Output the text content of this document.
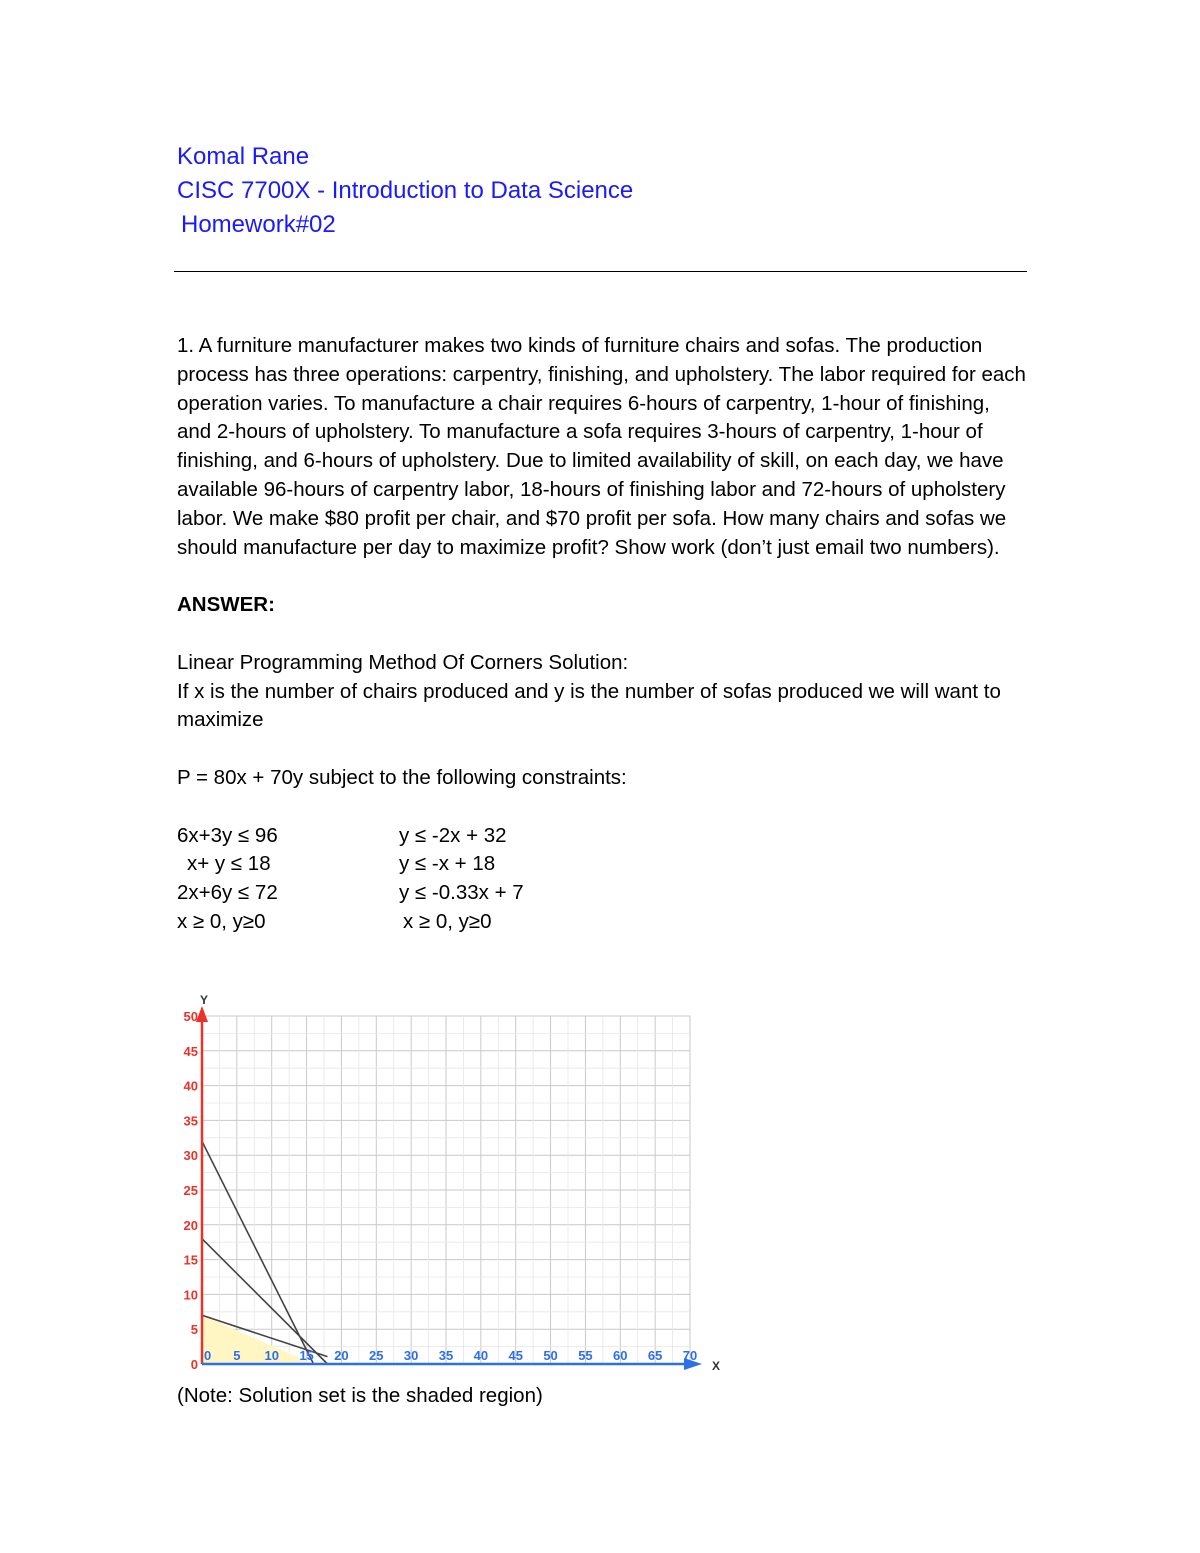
Komal Rane
CISC 7700X - Introduction to Data Science
Homework#02

1. A furniture manufacturer makes two kinds of furniture chairs and sofas. The production process has three operations: carpentry, finishing, and upholstery. The labor required for each operation varies. To manufacture a chair requires 6-hours of carpentry, 1-hour of finishing, and 2-hours of upholstery. To manufacture a sofa requires 3-hours of carpentry, 1-hour of finishing, and 6-hours of upholstery. Due to limited availability of skill, on each day, we have available 96-hours of carpentry labor, 18-hours of finishing labor and 72-hours of upholstery labor. We make $80 profit per chair, and $70 profit per sofa. How many chairs and sofas we should manufacture per day to maximize profit? Show work (don’t just email two numbers).

ANSWER:

Linear Programming Method Of Corners Solution:

If x is the number of chairs produced and y is the number of sofas produced we will want to maximize

P = 80x + 70y subject to the following constraints:

6x+3y ≤ 96	y ≤ -2x + 32
x+ y ≤ 18	y ≤ -x + 18
2x+6y ≤ 72	y ≤ -0.33x + 7
x ≥ 0, y≥0	x ≥ 0, y≥0
0
5
10
15
20
25
30
35
40
45
50
0 5 10 15 20 25 30 35 40 45 50 55 60 65 70
Y
X
(Note: Solution set is the shaded region)
